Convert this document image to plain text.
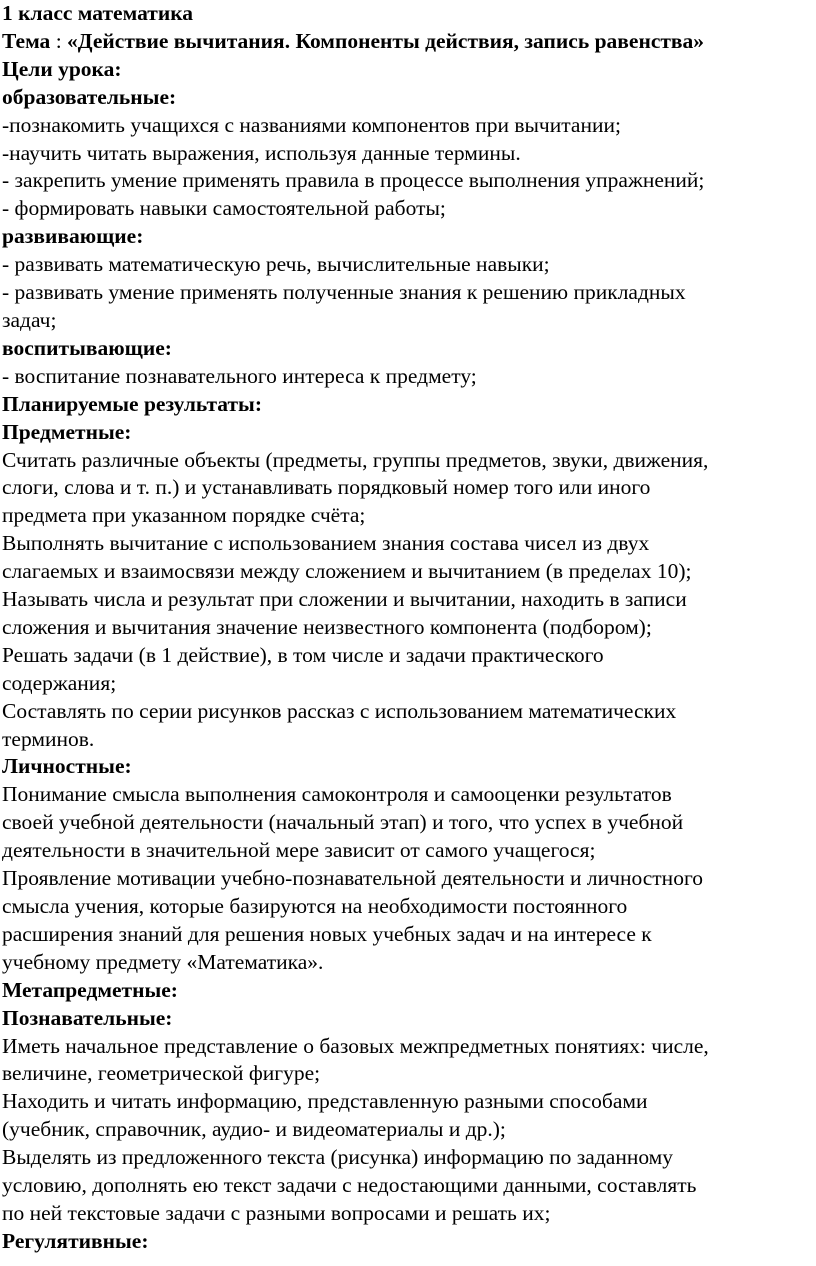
1 класс математика

Тема : «Действие вычитания. Компоненты действия, запись равенства»

Цели урока:

образовательные:

-познакомить учащихся с названиями компонентов при вычитании;

-научить читать выражения, используя данные термины.

- закрепить умение применять правила в процессе выполнения упражнений;

- формировать навыки самостоятельной работы;

развивающие:

- развивать математическую речь, вычислительные навыки;

- развивать умение применять полученные знания к решению прикладных

задач;

воспитывающие:

- воспитание познавательного интереса к предмету;

Планируемые результаты:

Предметные:

Считать различные объекты (предметы, группы предметов, звуки, движения,

слоги, слова и т. п.) и устанавливать порядковый номер того или иного

предмета при указанном порядке счёта;

Выполнять вычитание с использованием знания состава чисел из двух

слагаемых и взаимосвязи между сложением и вычитанием (в пределах 10);

Называть числа и результат при сложении и вычитании, находить в записи

сложения и вычитания значение неизвестного компонента (подбором);

Решать задачи (в 1 действие), в том числе и задачи практического

содержания;

Составлять по серии рисунков рассказ с использованием математических

терминов.

Личностные:

Понимание смысла выполнения самоконтроля и самооценки результатов

своей учебной деятельности (начальный этап) и того, что успех в учебной

деятельности в значительной мере зависит от самого учащегося;

Проявление мотивации учебно-познавательной деятельности и личностного

смысла учения, которые базируются на необходимости постоянного

расширения знаний для решения новых учебных задач и на интересе к

учебному предмету «Математика».

Метапредметные:

Познавательные:

Иметь начальное представление о базовых межпредметных понятиях: числе,

величине, геометрической фигуре;

Находить и читать информацию, представленную разными способами

(учебник, справочник, аудио- и видеоматериалы и др.);

Выделять из предложенного текста (рисунка) информацию по заданному

условию, дополнять ею текст задачи с недостающими данными, составлять

по ней текстовые задачи с разными вопросами и решать их;

Регулятивные:
